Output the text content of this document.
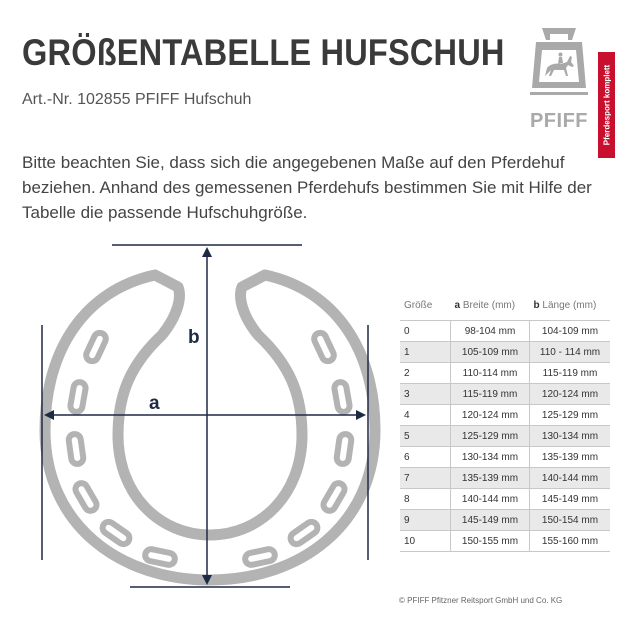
GRÖßENTABELLE HUFSCHUH
Art.-Nr. 102855 PFIFF Hufschuh
PFIFF	Pferdesport komplett

Bitte beachten Sie, dass sich die angegebenen Maße auf den Pferdehuf beziehen. Anhand des gemessenen Pferdehufs bestimmen Sie mit Hilfe der Tabelle die passende Hufschuhgröße.

b
a
Größe	a Breite (mm)	b Länge (mm)
0	98-104 mm	104-109 mm
1	105-109 mm	110 - 114 mm
2	110-114 mm	115-119 mm
3	115-119 mm	120-124 mm
4	120-124 mm	125-129 mm
5	125-129 mm	130-134 mm
6	130-134 mm	135-139 mm
7	135-139 mm	140-144 mm
8	140-144 mm	145-149 mm
9	145-149 mm	150-154 mm
10	150-155 mm	155-160 mm
© PFIFF Pfitzner Reitsport GmbH und Co. KG
